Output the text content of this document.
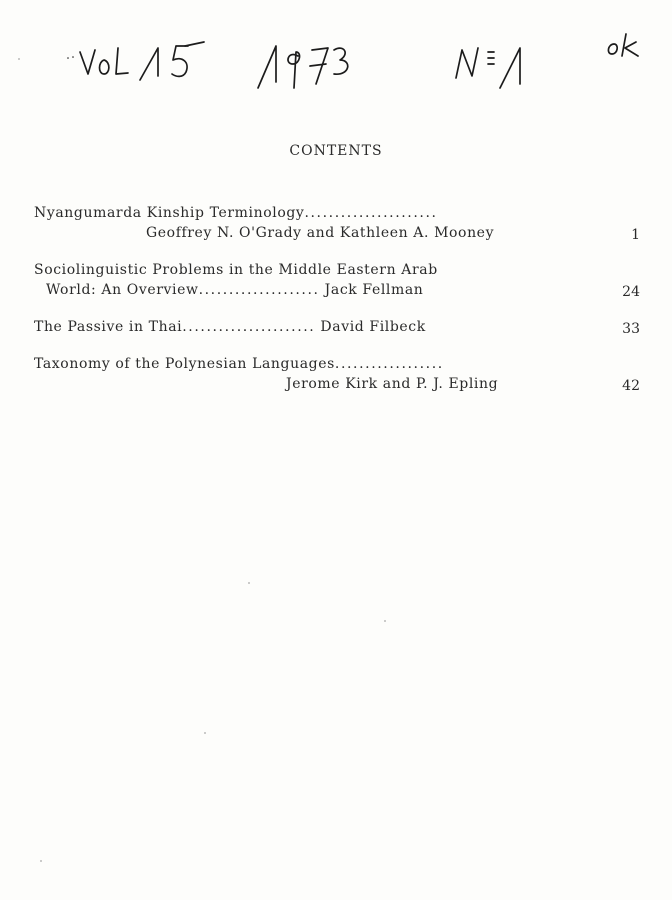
CONTENTS
Nyangumarda Kinship Terminology......................
Geoffrey N. O'Grady and Kathleen A. Mooney	1
Sociolinguistic Problems in the Middle Eastern Arab
World: An Overview.................... Jack Fellman	24
The Passive in Thai...................... David Filbeck	33
Taxonomy of the Polynesian Languages..................
Jerome Kirk and P. J. Epling	42
